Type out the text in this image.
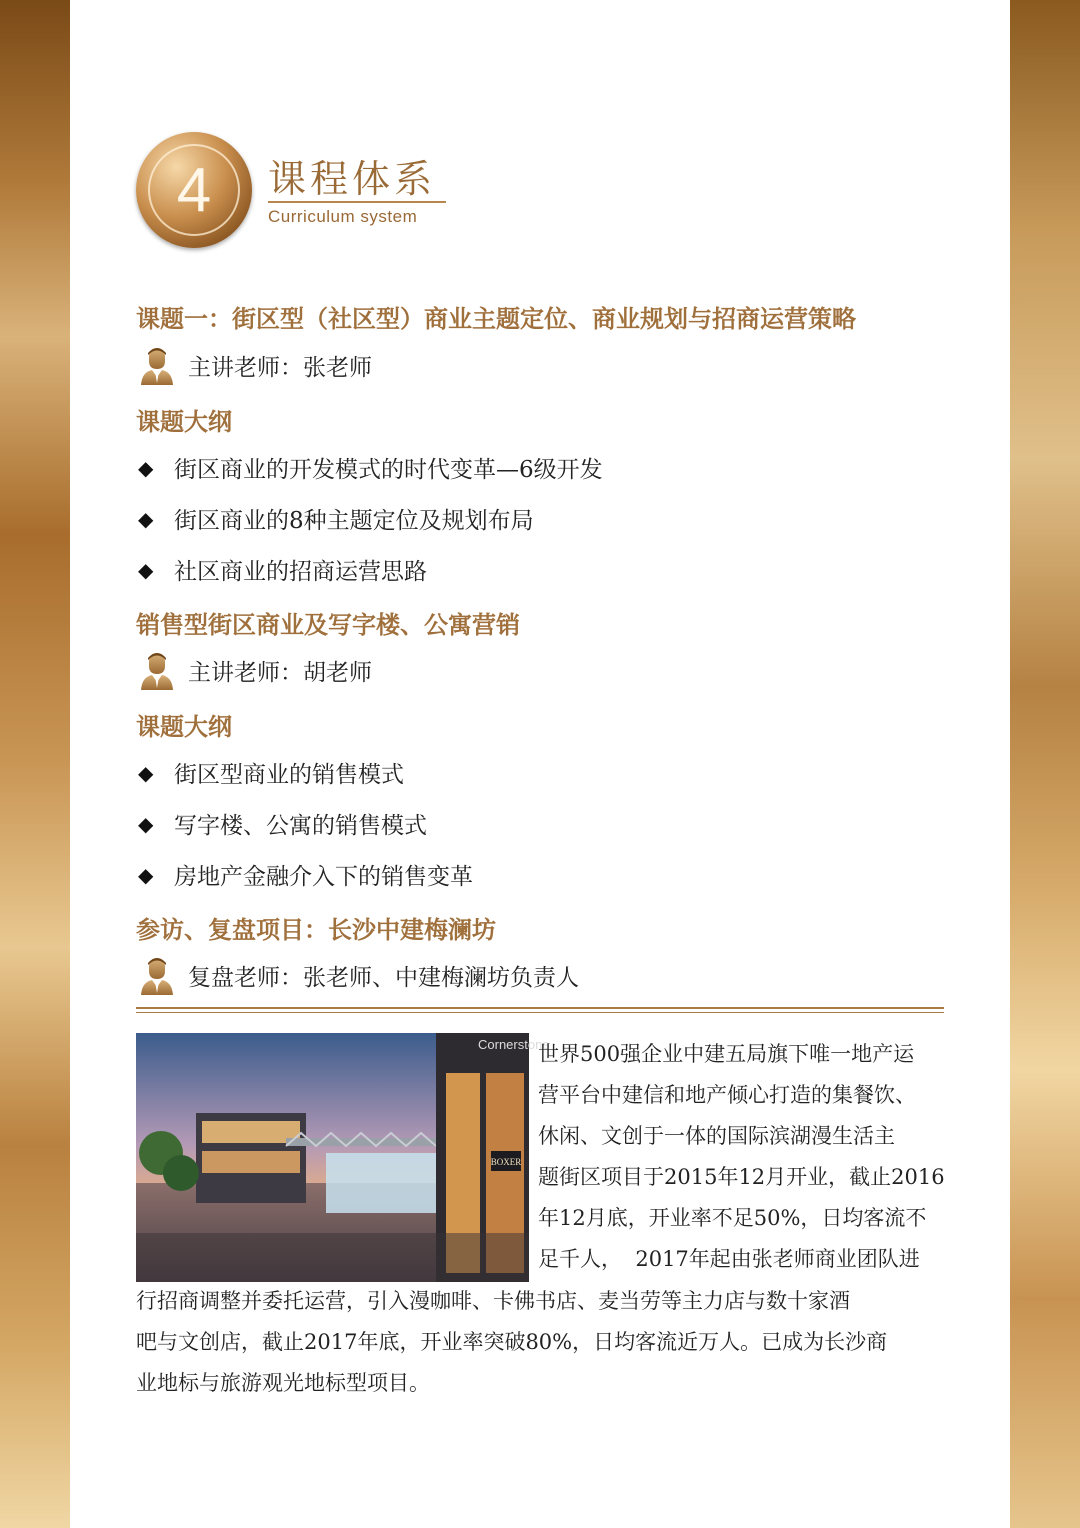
4	课程体系
Curriculum system
课题一：街区型（社区型）商业主题定位、商业规划与招商运营策略
主讲老师：张老师
课题大纲
◆ 街区商业的开发模式的时代变革—6级开发
◆ 街区商业的8种主题定位及规划布局
◆ 社区商业的招商运营思路
销售型街区商业及写字楼、公寓营销
主讲老师：胡老师
课题大纲
◆ 街区型商业的销售模式
◆ 写字楼、公寓的销售模式
◆ 房地产金融介入下的销售变革
参访、复盘项目：长沙中建梅澜坊
复盘老师：张老师、中建梅澜坊负责人
BOXER
Cornerstone
世界500强企业中建五局旗下唯一地产运
营平台中建信和地产倾心打造的集餐饮、
休闲、文创于一体的国际滨湖漫生活主
题街区项目于2015年12月开业，截止2016
年12月底，开业率不足50%，日均客流不
足千人，  2017年起由张老师商业团队进
行招商调整并委托运营，引入漫咖啡、卡佛书店、麦当劳等主力店与数十家酒
吧与文创店，截止2017年底，开业率突破80%，日均客流近万人。已成为长沙商
业地标与旅游观光地标型项目。
